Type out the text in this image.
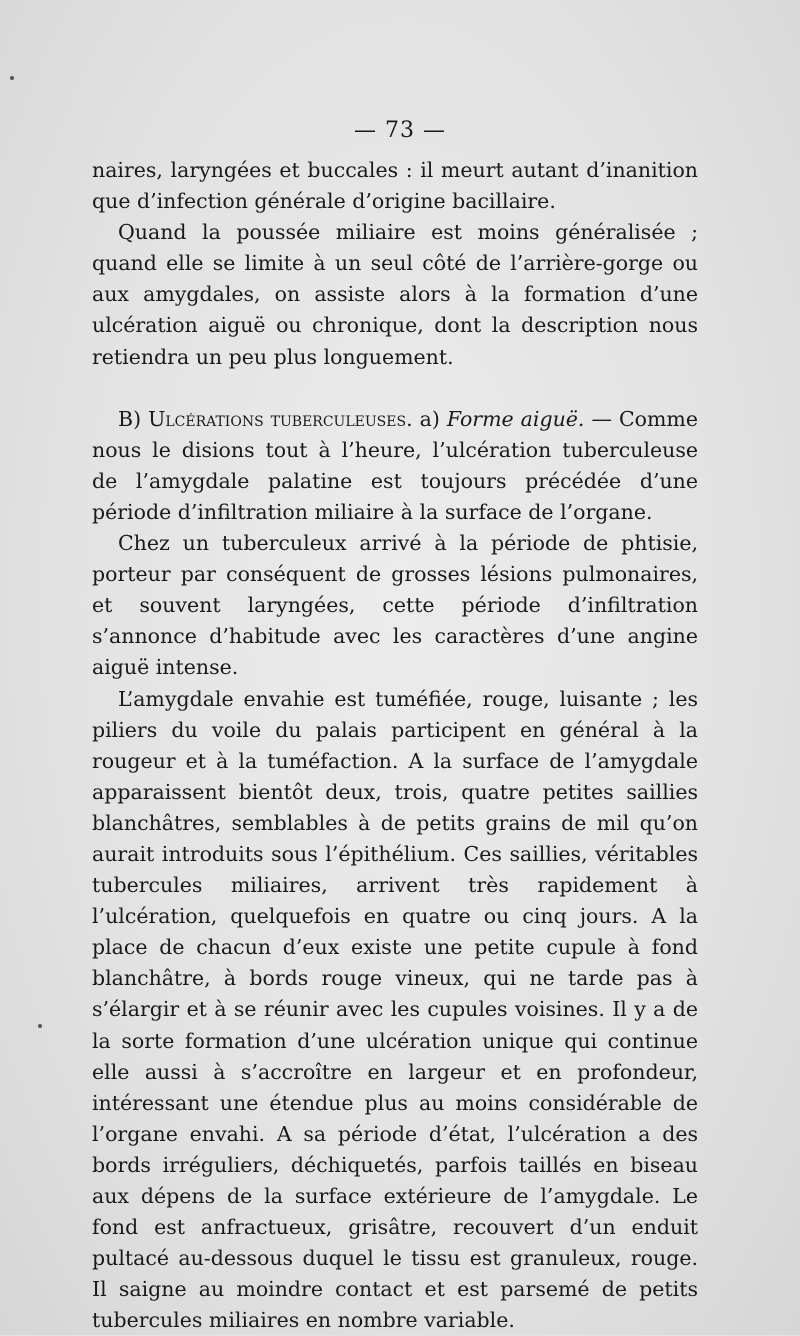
— 73 —

naires, laryngées et buccales : il meurt autant d’inanition que d’infection générale d’origine bacillaire.

Quand la poussée miliaire est moins généralisée ; quand elle se limite à un seul côté de l’arrière-gorge ou aux amygdales, on assiste alors à la formation d’une ulcération aiguë ou chronique, dont la description nous retiendra un peu plus longuement.

B) Ulcérations tuberculeuses. a) Forme aiguë. — Comme nous le disions tout à l’heure, l’ulcération tuberculeuse de l’amygdale palatine est toujours précédée d’une période d’infiltration miliaire à la surface de l’organe.

Chez un tuberculeux arrivé à la période de phtisie, porteur par conséquent de grosses lésions pulmonaires, et souvent laryngées, cette période d’infiltration s’annonce d’habitude avec les caractères d’une angine aiguë intense.

L’amygdale envahie est tuméfiée, rouge, luisante ; les piliers du voile du palais participent en général à la rougeur et à la tuméfaction. A la surface de l’amygdale apparaissent bientôt deux, trois, quatre petites saillies blanchâtres, semblables à de petits grains de mil qu’on aurait introduits sous l’épithélium. Ces saillies, véritables tubercules miliaires, arrivent très rapidement à l’ulcération, quelquefois en quatre ou cinq jours. A la place de chacun d’eux existe une petite cupule à fond blanchâtre, à bords rouge vineux, qui ne tarde pas à s’élargir et à se réunir avec les cupules voisines. Il y a de la sorte formation d’une ulcération unique qui continue elle aussi à s’accroître en largeur et en profondeur, intéressant une étendue plus au moins considérable de l’organe envahi. A sa période d’état, l’ulcération a des bords irréguliers, déchiquetés, parfois taillés en biseau aux dépens de la surface extérieure de l’amygdale. Le fond est anfractueux, grisâtre, recouvert d’un enduit pultacé au-dessous duquel le tissu est granuleux, rouge. Il saigne au moindre contact et est parsemé de petits tubercules miliaires en nombre variable.
